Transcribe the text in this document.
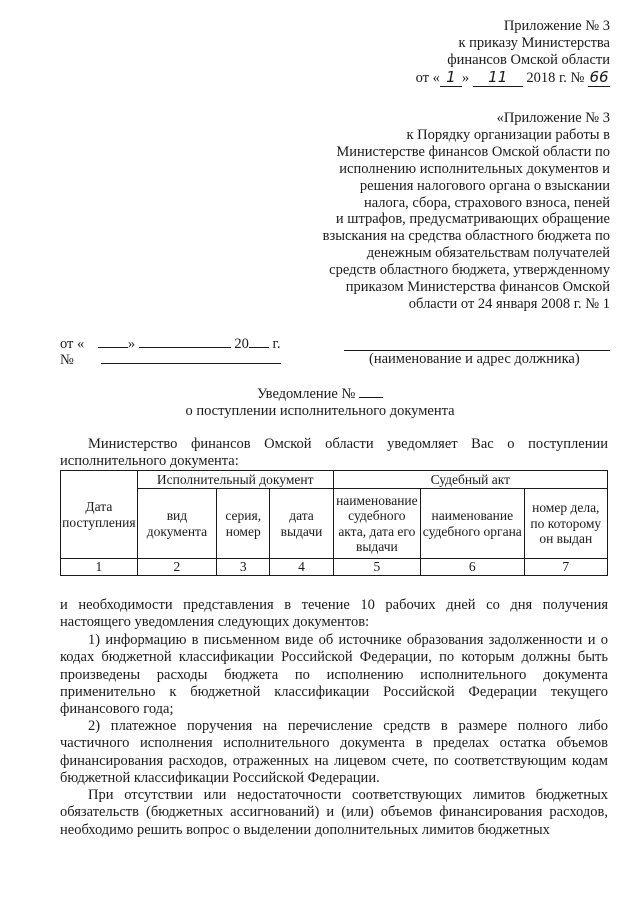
Приложение № 3
к приказу Министерства
финансов Омской области
от « 1 » 11 2018 г. № 66
«Приложение № 3
к Порядку организации работы в
Министерстве финансов Омской области по
исполнению исполнительных документов и
решения налогового органа о взыскании
налога, сбора, страхового взноса, пеней
и штрафов, предусматривающих обращение
взыскания на средства областного бюджета по
денежным обязательствам получателей
средств областного бюджета, утвержденному
приказом Министерства финансов Омской
области от 24 января 2008 г. № 1
от «	»	20 г.
№	(наименование и адрес должника)
Уведомление №
о поступлении исполнительного документа
Министерство финансов Омской области уведомляет Вас о поступлении исполнительного документа:
Дата поступления	Исполнительный документ			Судебный акт		
	вид документа	серия, номер	дата выдачи	наименование судебного акта, дата его выдачи	наименование судебного органа	номер дела, по которому он выдан
1	2	3	4	5	6	7
и необходимости представления в течение 10 рабочих дней со дня получения настоящего уведомления следующих документов:
1) информацию в письменном виде об источнике образования задолженности и о кодах бюджетной классификации Российской Федерации, по которым должны быть произведены расходы бюджета по исполнению исполнительного документа применительно к бюджетной классификации Российской Федерации текущего финансового года;
2) платежное поручения на перечисление средств в размере полного либо частичного исполнения исполнительного документа в пределах остатка объемов финансирования расходов, отраженных на лицевом счете, по соответствующим кодам бюджетной классификации Российской Федерации.
При отсутствии или недостаточности соответствующих лимитов бюджетных обязательств (бюджетных ассигнований) и (или) объемов финансирования расходов, необходимо решить вопрос о выделении дополнительных лимитов бюджетных
